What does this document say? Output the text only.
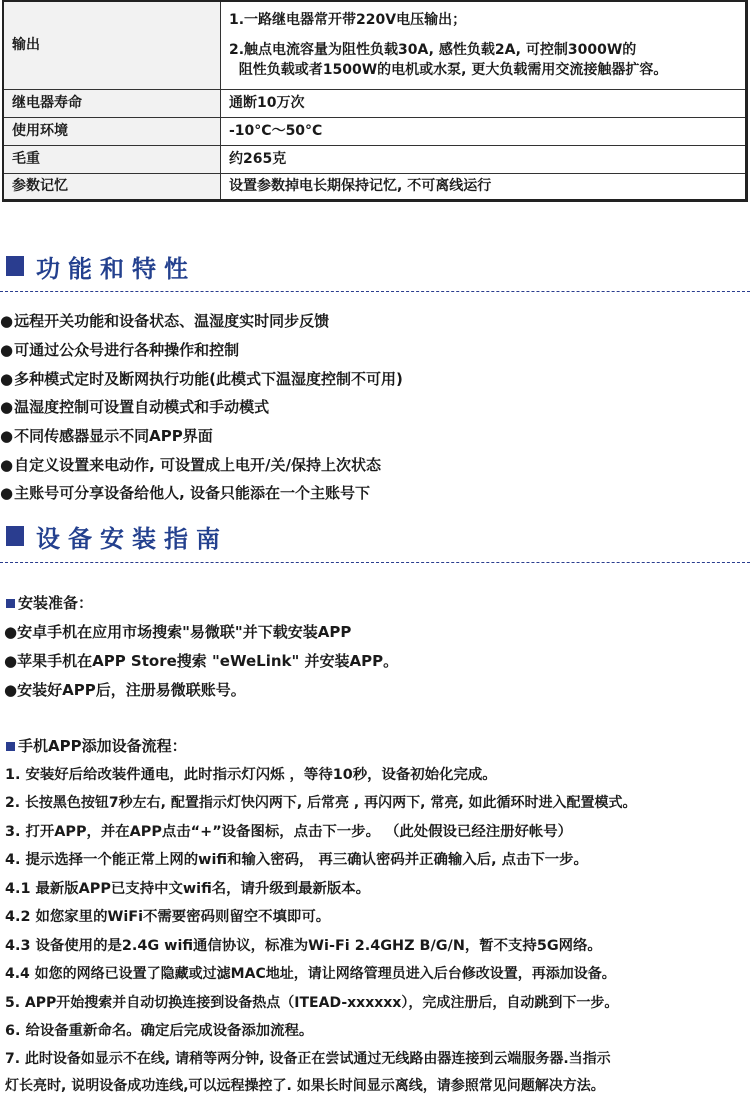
输出	1.一路继电器常开带220V电压输出；
2.触点电流容量为阻性负载30A, 感性负载2A, 可控制3000W的
阻性负载或者1500W的电机或水泵, 更大负载需用交流接触器扩容。

继电器寿命	通断10万次
使用环境	-10°C～50°C
毛重	约265克
参数记忆	设置参数掉电长期保持记忆, 不可离线运行
功能和特性
●远程开关功能和设备状态、温湿度实时同步反馈
●可通过公众号进行各种操作和控制
●多种模式定时及断网执行功能(此模式下温湿度控制不可用)
●温湿度控制可设置自动模式和手动模式
●不同传感器显示不同APP界面
●自定义设置来电动作, 可设置成上电开/关/保持上次状态
●主账号可分享设备给他人, 设备只能添在一个主账号下
设备安装指南
安装准备：
●安卓手机在应用市场搜索"易微联"并下载安装APP
●苹果手机在APP Store搜索 "eWeLink" 并安装APP。
●安装好APP后，注册易微联账号。
手机APP添加设备流程：
1. 安装好后给改装件通电，此时指示灯闪烁 ，等待10秒，设备初始化完成。
2. 长按黑色按钮7秒左右, 配置指示灯快闪两下, 后常亮 , 再闪两下, 常亮, 如此循环时进入配置模式。
3. 打开APP，并在APP点击“+”设备图标，点击下一步。 （此处假设已经注册好帐号）
4. 提示选择一个能正常上网的wifi和输入密码， 再三确认密码并正确输入后, 点击下一步。
4.1 最新版APP已支持中文wifi名，请升级到最新版本。
4.2 如您家里的WiFi不需要密码则留空不填即可。
4.3 设备使用的是2.4G wifi通信协议，标准为Wi-Fi 2.4GHZ B/G/N，暂不支持5G网络。
4.4 如您的网络已设置了隐藏或过滤MAC地址，请让网络管理员进入后台修改设置，再添加设备。
5. APP开始搜索并自动切换连接到设备热点（ITEAD-xxxxxx），完成注册后，自动跳到下一步。
6. 给设备重新命名。确定后完成设备添加流程。
7. 此时设备如显示不在线, 请稍等两分钟, 设备正在尝试通过无线路由器连接到云端服务器.当指示
灯长亮时, 说明设备成功连线,可以远程操控了. 如果长时间显示离线，请参照常见问题解决方法。
